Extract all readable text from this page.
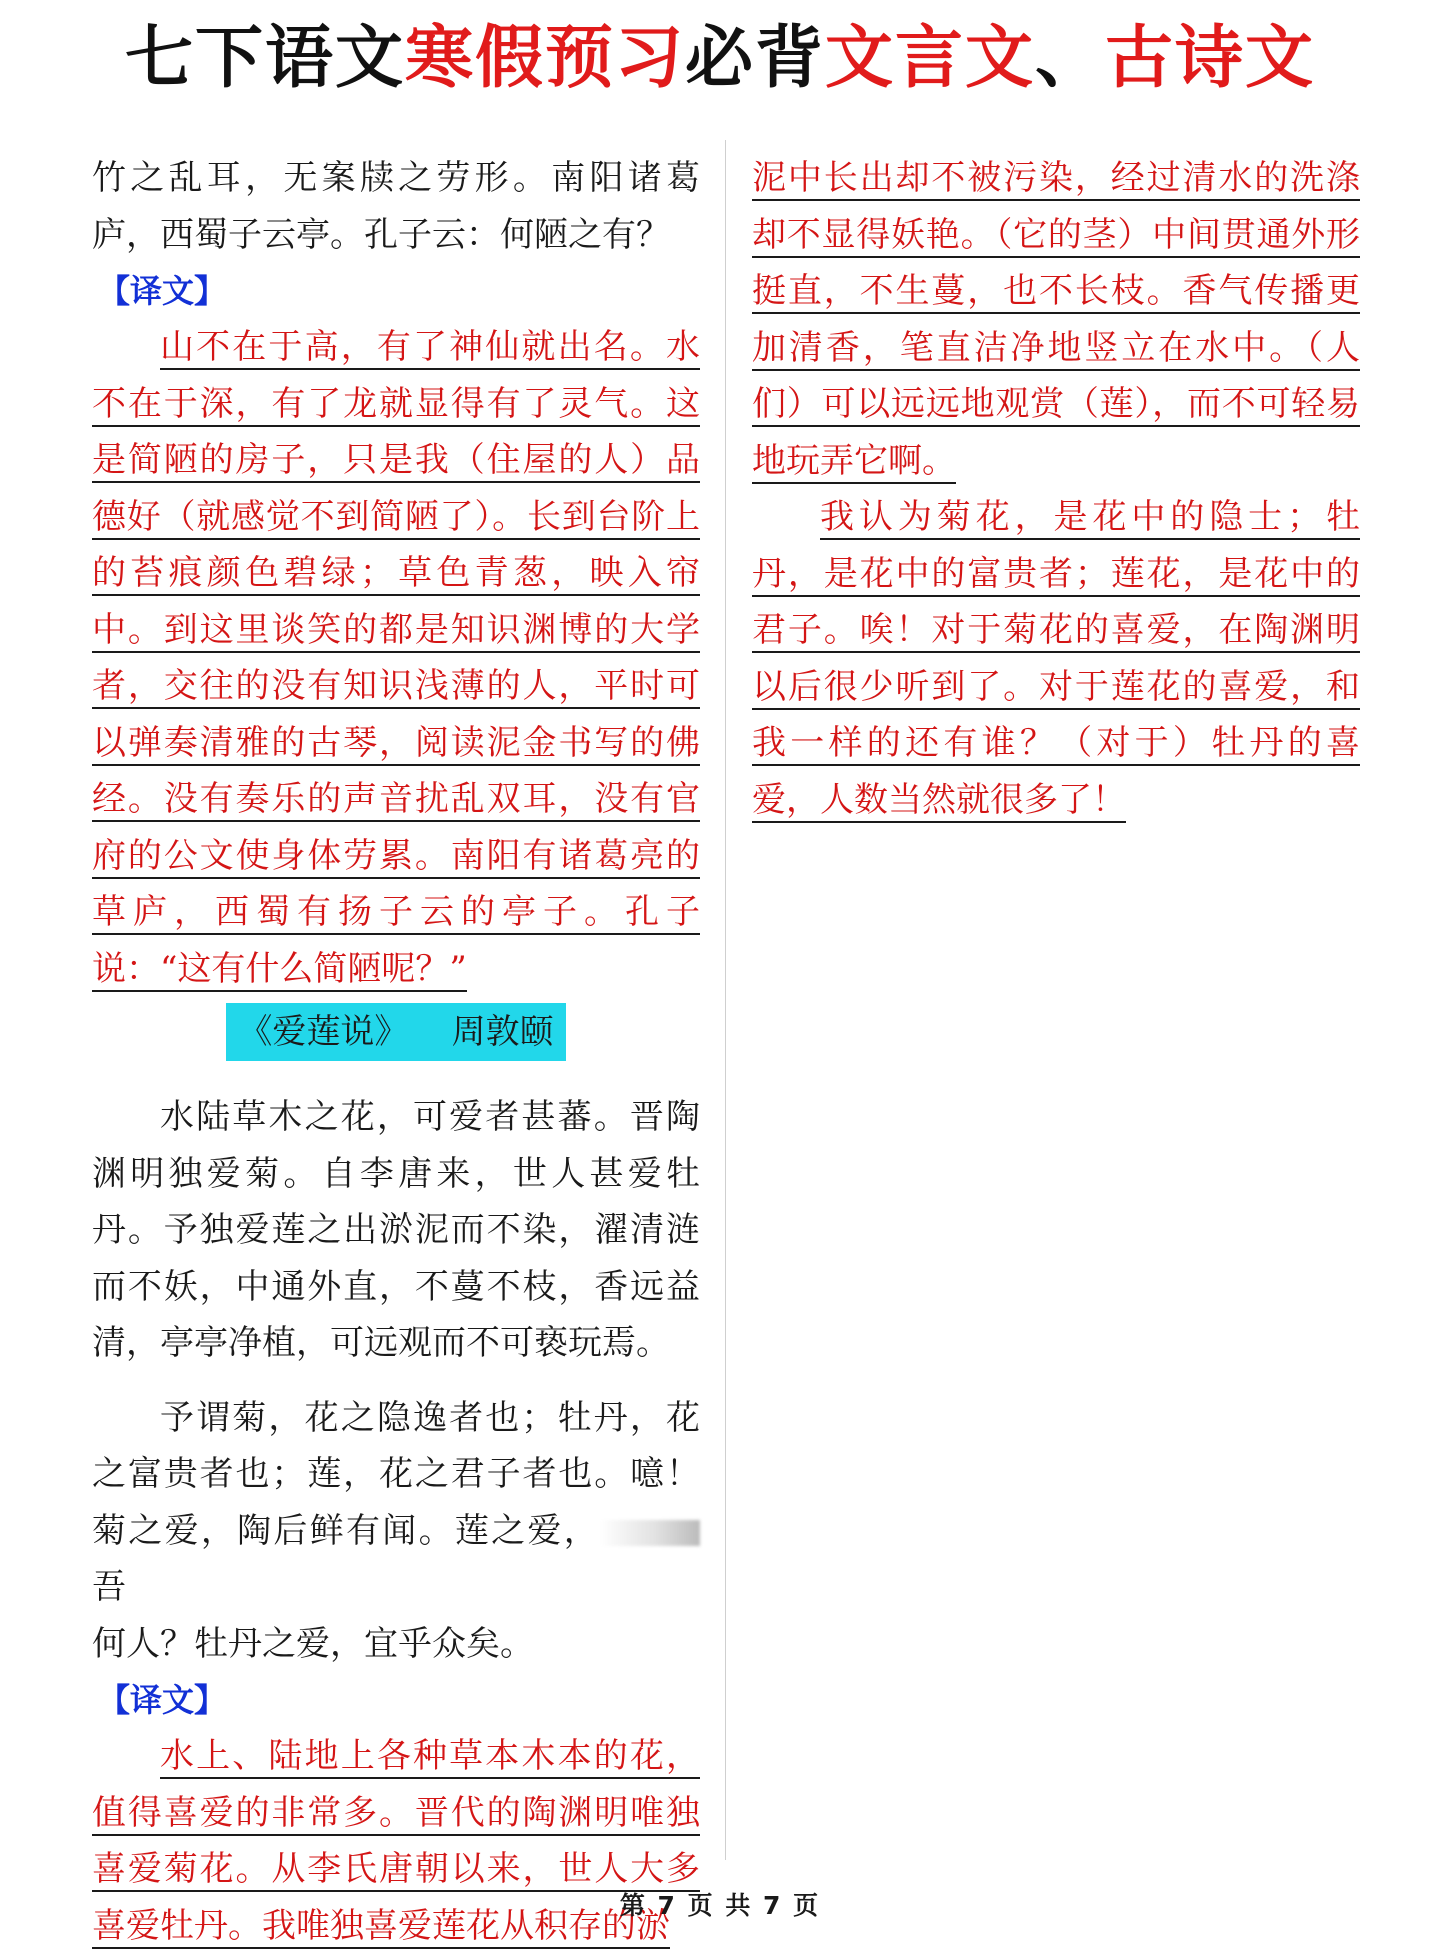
七下语文寒假预习必背文言文、古诗文

竹之乱耳，无案牍之劳形。南阳诸葛庐，西蜀子云亭。孔子云：何陋之有？

【译文】

山不在于高，有了神仙就出名。水不在于深，有了龙就显得有了灵气。这是简陋的房子，只是我（住屋的人）品德好（就感觉不到简陋了）。长到台阶上的苔痕颜色碧绿；草色青葱，映入帘中。到这里谈笑的都是知识渊博的大学者，交往的没有知识浅薄的人，平时可以弹奏清雅的古琴，阅读泥金书写的佛经。没有奏乐的声音扰乱双耳，没有官府的公文使身体劳累。南阳有诸葛亮的草庐，西蜀有扬子云的亭子。孔子说：“这有什么简陋呢？”

《爱莲说》    周敦颐

水陆草木之花，可爱者甚蕃。晋陶渊明独爱菊。自李唐来，世人甚爱牡丹。予独爱莲之出淤泥而不染，濯清涟而不妖，中通外直，不蔓不枝，香远益清，亭亭净植，可远观而不可亵玩焉。

予谓菊，花之隐逸者也；牡丹，花之富贵者也；莲，花之君子者也。噫！菊之爱，陶后鲜有闻。莲之爱，吾
何人？牡丹之爱，宜乎众矣。

【译文】

水上、陆地上各种草本木本的花，值得喜爱的非常多。晋代的陶渊明唯独喜爱菊花。从李氏唐朝以来，世人大多喜爱牡丹。我唯独喜爱莲花从积存的淤

泥中长出却不被污染，经过清水的洗涤却不显得妖艳。（它的茎）中间贯通外形挺直，不生蔓，也不长枝。香气传播更加清香，笔直洁净地竖立在水中。（人们）可以远远地观赏（莲），而不可轻易地玩弄它啊。

我认为菊花，是花中的隐士；牡丹，是花中的富贵者；莲花，是花中的君子。唉！对于菊花的喜爱，在陶渊明以后很少听到了。对于莲花的喜爱，和我一样的还有谁？（对于）牡丹的喜爱，人数当然就很多了！

第 7 页 共 7 页
